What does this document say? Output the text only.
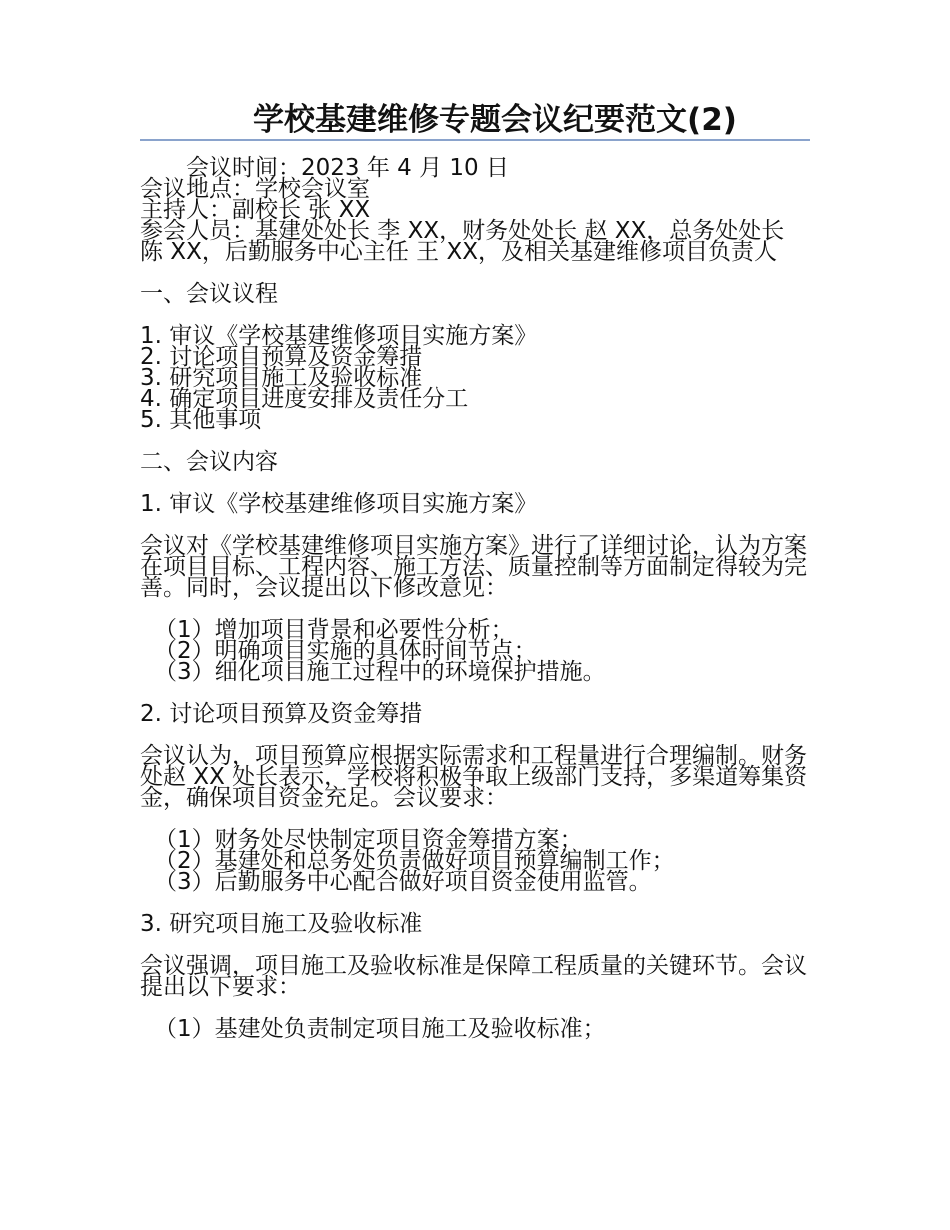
学校基建维修专题会议纪要范文(2)

会议时间：2023 年 4 月 10 日

会议地点：学校会议室

主持人：副校长 张 XX

参会人员：基建处处长 李 XX，财务处处长 赵 XX，总务处处长 陈 XX，后勤服务中心主任 王 XX，及相关基建维修项目负责人

一、会议议程

1. 审议《学校基建维修项目实施方案》

2. 讨论项目预算及资金筹措

3. 研究项目施工及验收标准

4. 确定项目进度安排及责任分工

5. 其他事项

二、会议内容

1. 审议《学校基建维修项目实施方案》

会议对《学校基建维修项目实施方案》进行了详细讨论，认为方案在项目目标、工程内容、施工方法、质量控制等方面制定得较为完善。同时，会议提出以下修改意见：

（1）增加项目背景和必要性分析；

（2）明确项目实施的具体时间节点；

（3）细化项目施工过程中的环境保护措施。

2. 讨论项目预算及资金筹措

会议认为，项目预算应根据实际需求和工程量进行合理编制。财务处赵 XX 处长表示，学校将积极争取上级部门支持，多渠道筹集资金，确保项目资金充足。会议要求：

（1）财务处尽快制定项目资金筹措方案；

（2）基建处和总务处负责做好项目预算编制工作；

（3）后勤服务中心配合做好项目资金使用监管。

3. 研究项目施工及验收标准

会议强调，项目施工及验收标准是保障工程质量的关键环节。会议提出以下要求：

（1）基建处负责制定项目施工及验收标准；
